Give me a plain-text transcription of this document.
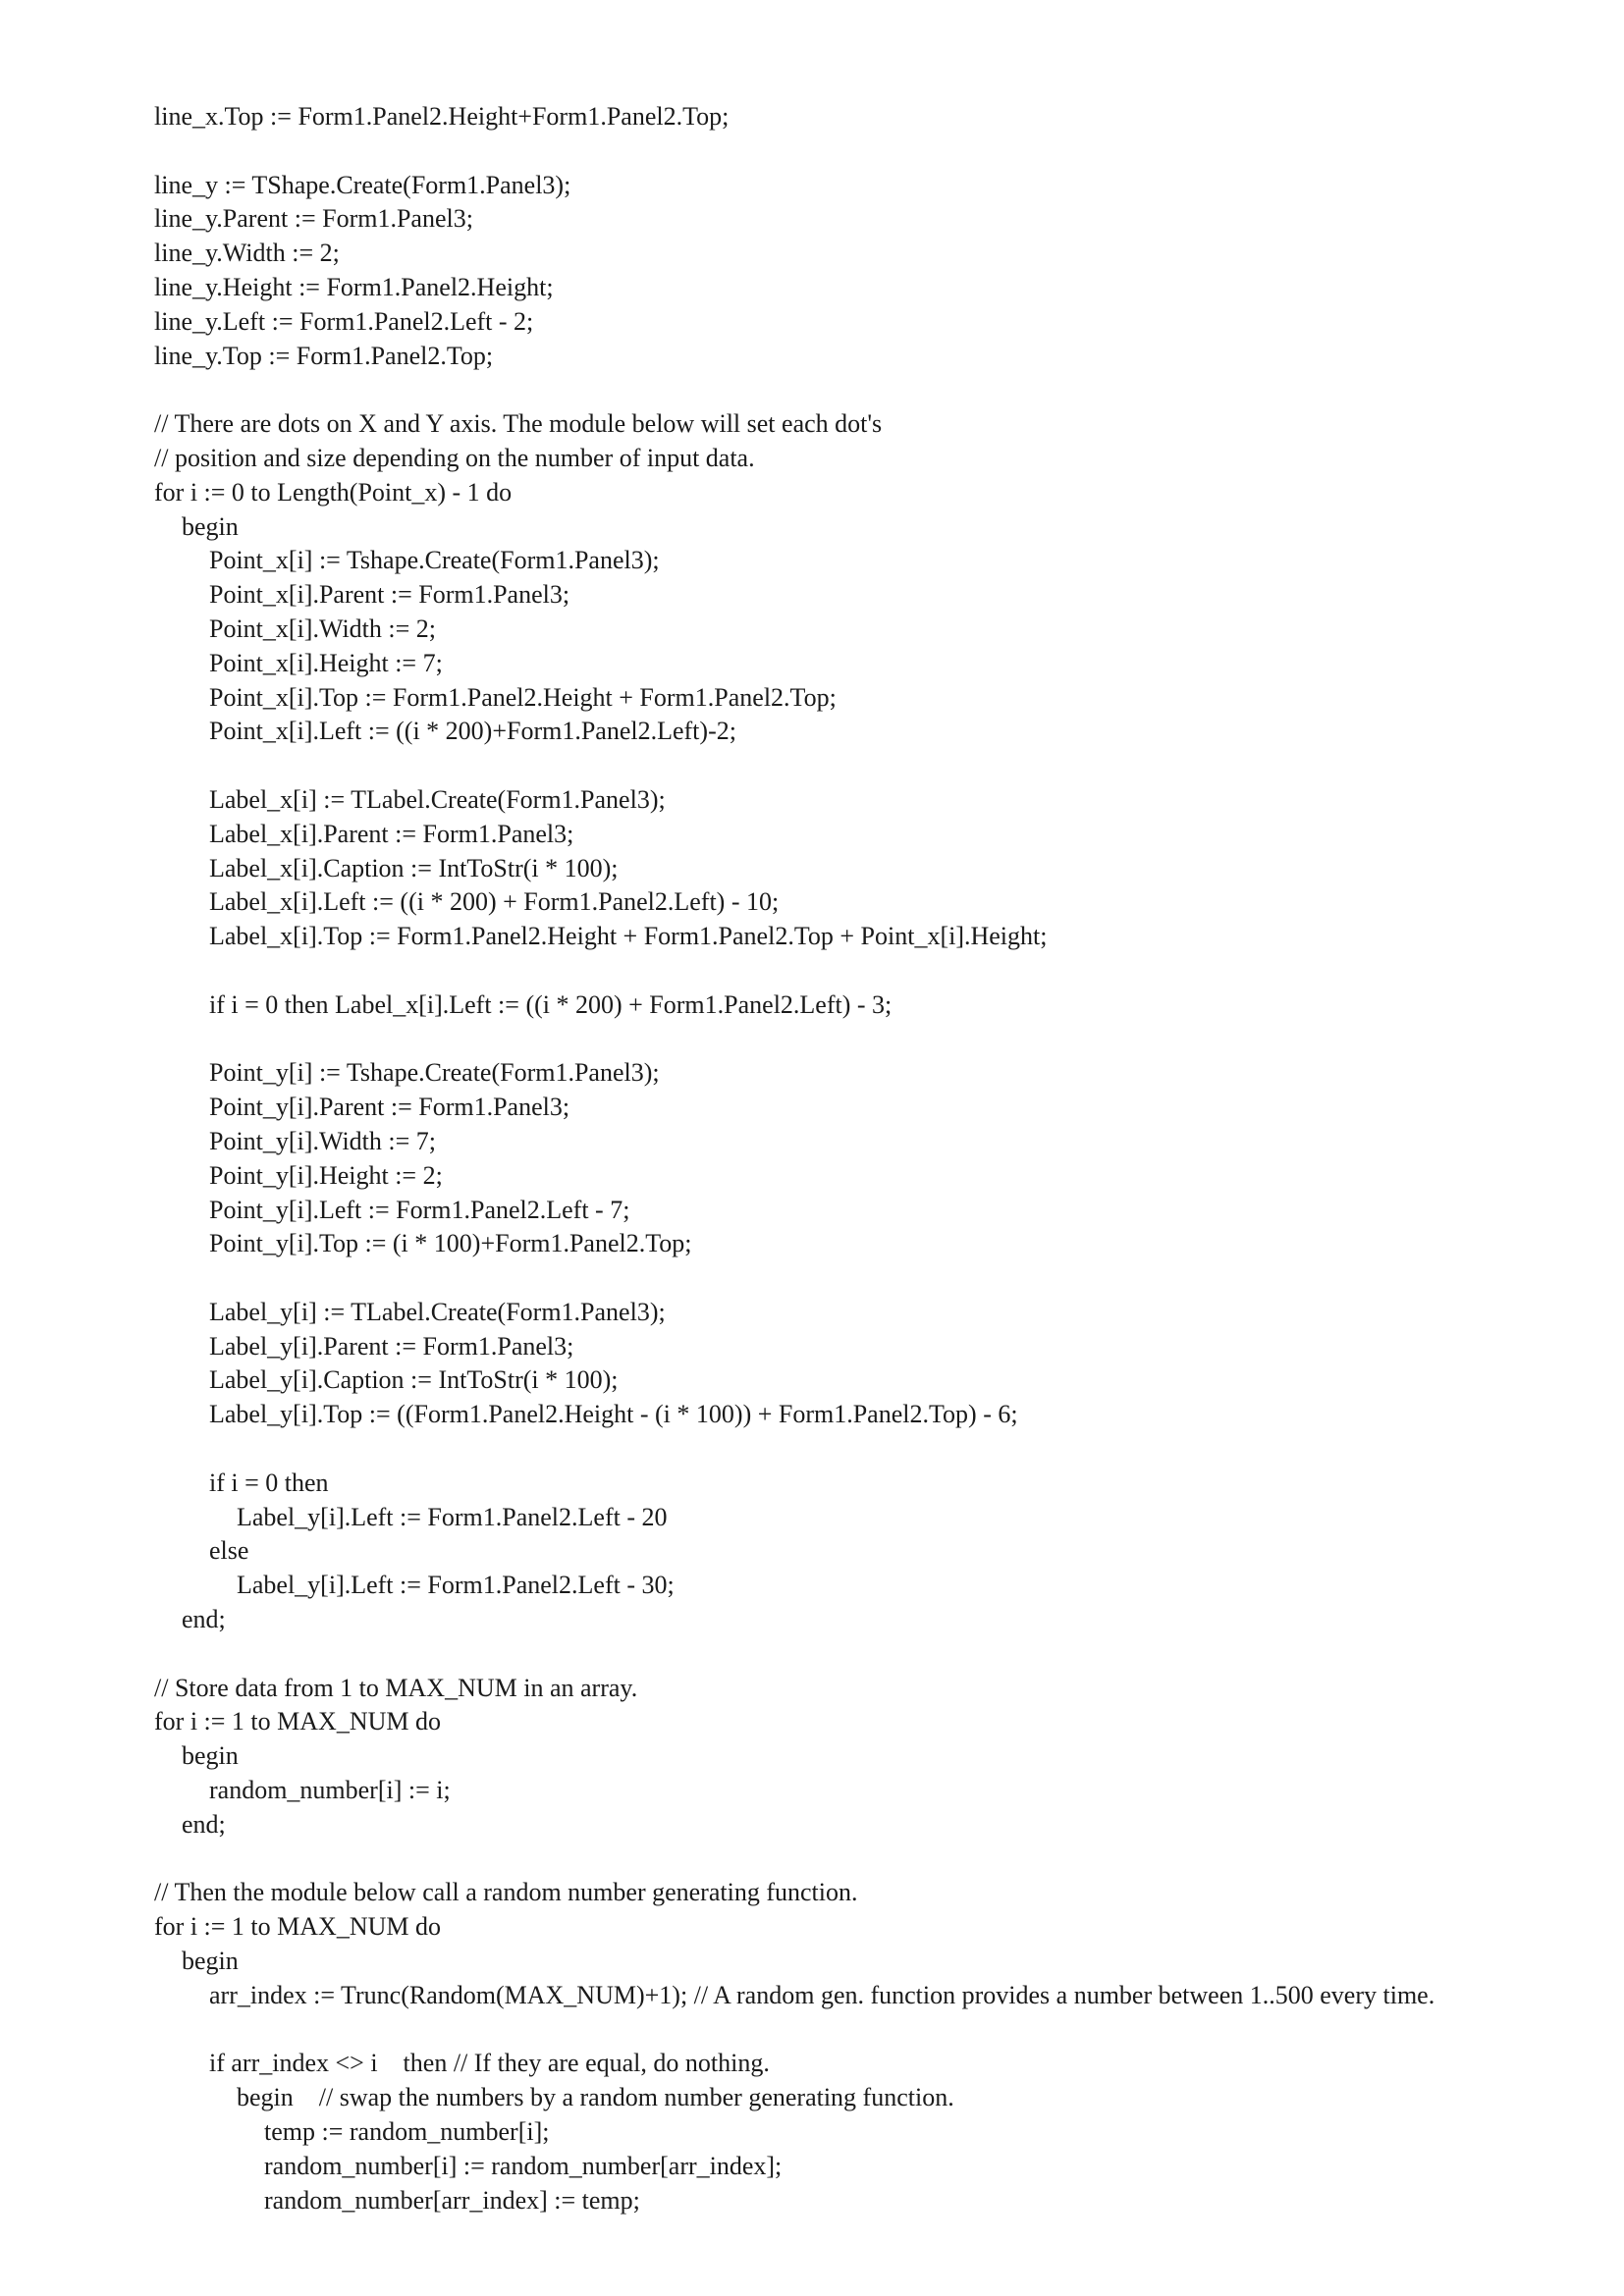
line_x.Top := Form1.Panel2.Height+Form1.Panel2.Top;
line_y := TShape.Create(Form1.Panel3);
line_y.Parent := Form1.Panel3;
line_y.Width := 2;
line_y.Height := Form1.Panel2.Height;
line_y.Left := Form1.Panel2.Left - 2;
line_y.Top := Form1.Panel2.Top;
// There are dots on X and Y axis. The module below will set each dot's
// position and size depending on the number of input data.
for i := 0 to Length(Point_x) - 1 do
begin
Point_x[i] := Tshape.Create(Form1.Panel3);
Point_x[i].Parent := Form1.Panel3;
Point_x[i].Width := 2;
Point_x[i].Height := 7;
Point_x[i].Top := Form1.Panel2.Height + Form1.Panel2.Top;
Point_x[i].Left := ((i * 200)+Form1.Panel2.Left)-2;
Label_x[i] := TLabel.Create(Form1.Panel3);
Label_x[i].Parent := Form1.Panel3;
Label_x[i].Caption := IntToStr(i * 100);
Label_x[i].Left := ((i * 200) + Form1.Panel2.Left) - 10;
Label_x[i].Top := Form1.Panel2.Height + Form1.Panel2.Top + Point_x[i].Height;
if i = 0 then Label_x[i].Left := ((i * 200) + Form1.Panel2.Left) - 3;
Point_y[i] := Tshape.Create(Form1.Panel3);
Point_y[i].Parent := Form1.Panel3;
Point_y[i].Width := 7;
Point_y[i].Height := 2;
Point_y[i].Left := Form1.Panel2.Left - 7;
Point_y[i].Top := (i * 100)+Form1.Panel2.Top;
Label_y[i] := TLabel.Create(Form1.Panel3);
Label_y[i].Parent := Form1.Panel3;
Label_y[i].Caption := IntToStr(i * 100);
Label_y[i].Top := ((Form1.Panel2.Height - (i * 100)) + Form1.Panel2.Top) - 6;
if i = 0 then
Label_y[i].Left := Form1.Panel2.Left - 20
else
Label_y[i].Left := Form1.Panel2.Left - 30;
end;
// Store data from 1 to MAX_NUM in an array.
for i := 1 to MAX_NUM do
begin
random_number[i] := i;
end;
// Then the module below call a random number generating function.
for i := 1 to MAX_NUM do
begin
arr_index := Trunc(Random(MAX_NUM)+1); // A random gen. function provides a number between 1..500 every time.
if arr_index <> i    then // If they are equal, do nothing.
begin    // swap the numbers by a random number generating function.
temp := random_number[i];
random_number[i] := random_number[arr_index];
random_number[arr_index] := temp;
